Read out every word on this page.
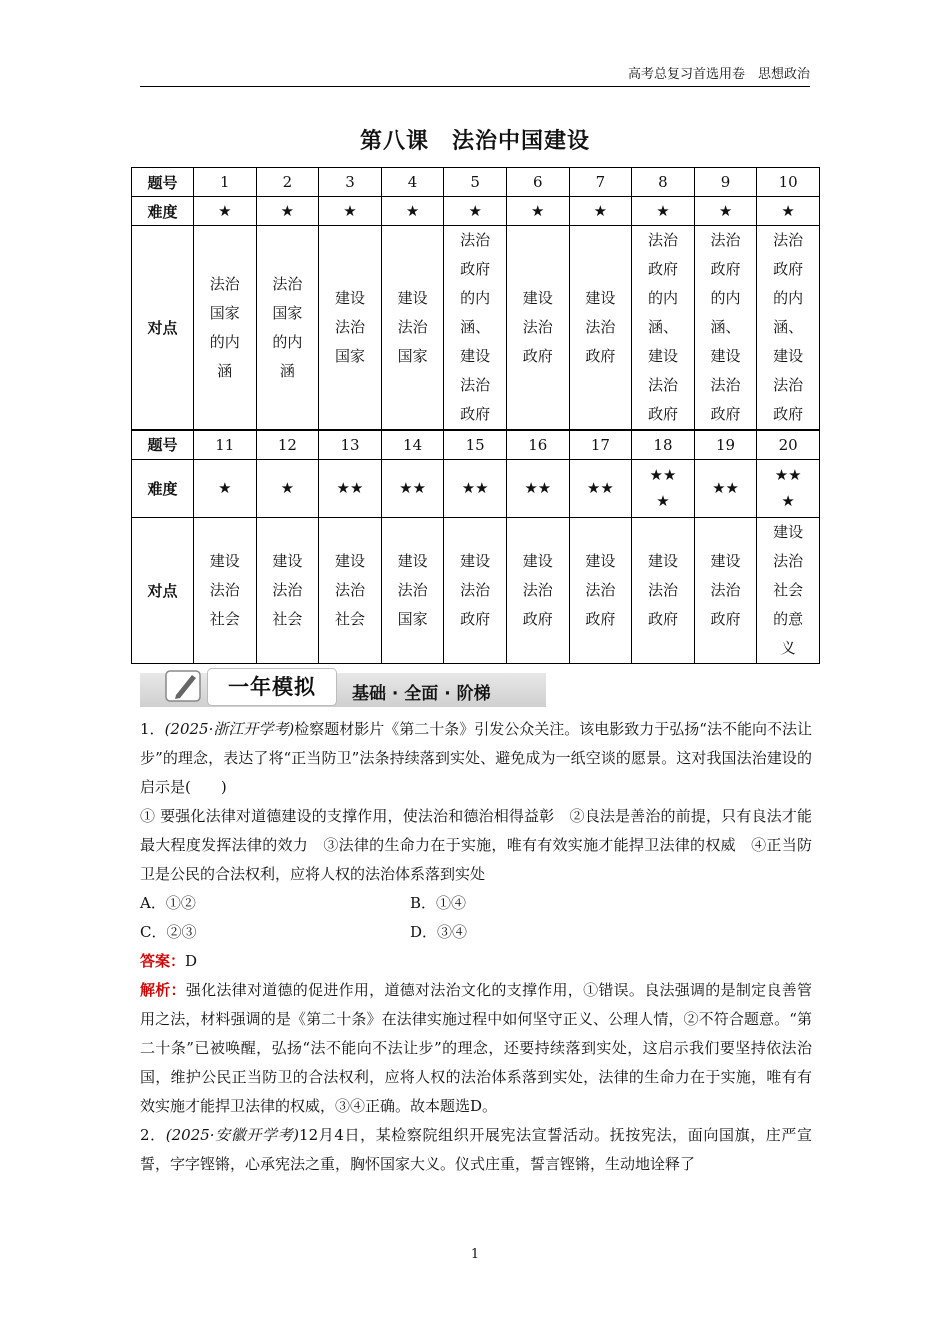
高考总复习首选用卷　思想政治
第八课　法治中国建设
题号	1	2	3	4	5	6	7	8	9	10
难度	★	★	★	★	★	★	★	★	★	★
对点	法治国家的内涵	法治国家的内涵	建设法治国家	建设法治国家	法治政府的内涵、建设法治政府	建设法治政府	建设法治政府	法治政府的内涵、建设法治政府	法治政府的内涵、建设法治政府	法治政府的内涵、建设法治政府
题号	11	12	13	14	15	16	17	18	19	20
难度	★	★	★★	★★	★★	★★	★★	★★★	★★	★★★
对点	建设法治社会	建设法治社会	建设法治社会	建设法治国家	建设法治政府	建设法治政府	建设法治政府	建设法治政府	建设法治政府	建设法治社会的意义
一年模拟	基础 · 全面 · 阶梯

1．(2025·浙江开学考)检察题材影片《第二十条》引发公众关注。该电影致力于弘扬“法不能向不法让步”的理念，表达了将“正当防卫”法条持续落到实处、避免成为一纸空谈的愿景。这对我国法治建设的启示是(　　)

① 要强化法律对道德建设的支撑作用，使法治和德治相得益彰　②良法是善治的前提，只有良法才能最大程度发挥法律的效力　③法律的生命力在于实施，唯有有效实施才能捍卫法律的权威　④正当防卫是公民的合法权利，应将人权的法治体系落到实处

A．①②	B．①④
C．②③	D．③④

答案：D

解析：强化法律对道德的促进作用，道德对法治文化的支撑作用，①错误。良法强调的是制定良善管用之法，材料强调的是《第二十条》在法律实施过程中如何坚守正义、公理人情，②不符合题意。“第二十条”已被唤醒，弘扬“法不能向不法让步”的理念，还要持续落到实处，这启示我们要坚持依法治国，维护公民正当防卫的合法权利，应将人权的法治体系落到实处，法律的生命力在于实施，唯有有效实施才能捍卫法律的权威，③④正确。故本题选D。

2．(2025·安徽开学考)12月4日，某检察院组织开展宪法宣誓活动。抚按宪法，面向国旗，庄严宣誓，字字铿锵，心承宪法之重，胸怀国家大义。仪式庄重，誓言铿锵，生动地诠释了

1
